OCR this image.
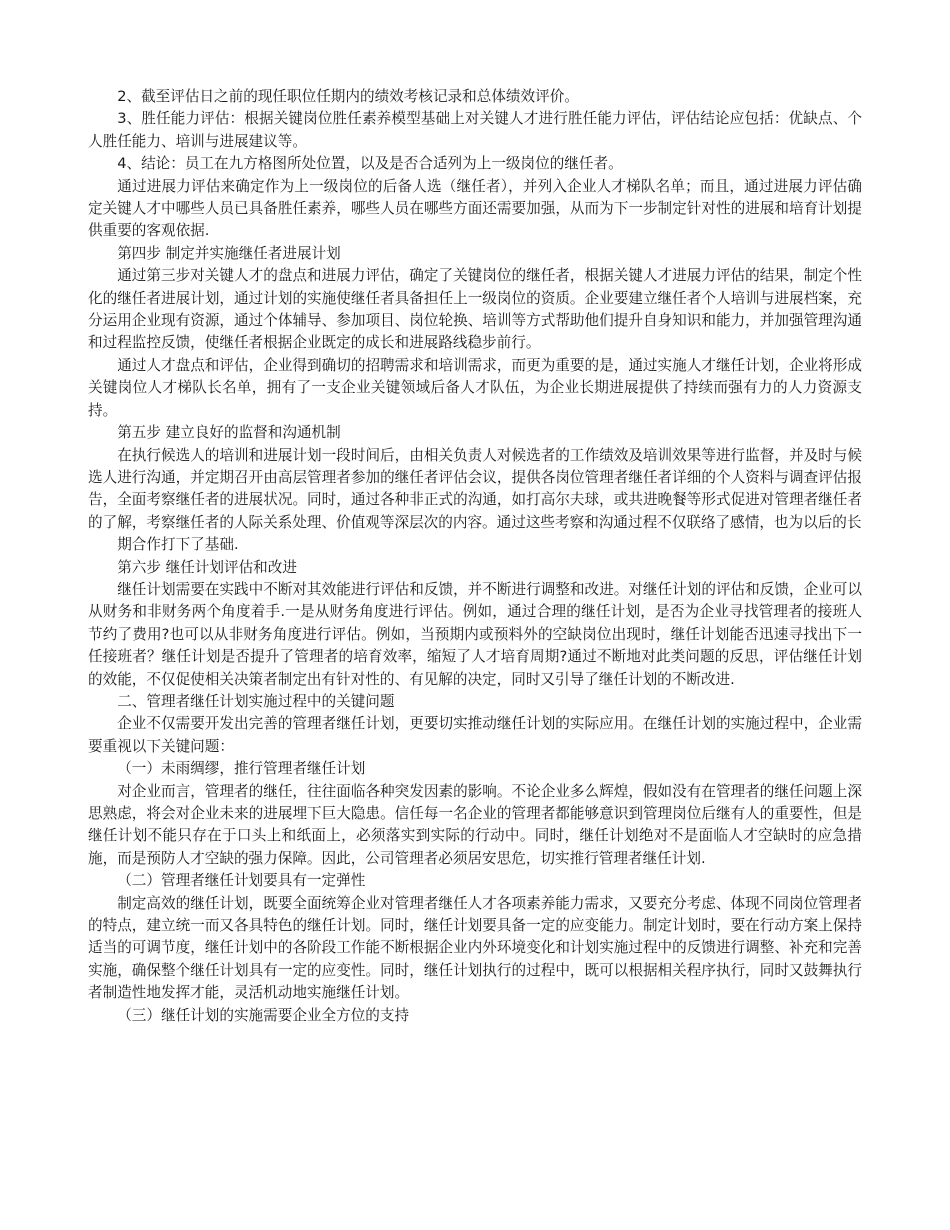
2、截至评估日之前的现任职位任期内的绩效考核记录和总体绩效评价。

3、胜任能力评估：根据关键岗位胜任素养模型基础上对关键人才进行胜任能力评估，评估结论应包括：优缺点、个人胜任能力、培训与进展建议等。

4、结论：员工在九方格图所处位置，以及是否合适列为上一级岗位的继任者。

通过进展力评估来确定作为上一级岗位的后备人选（继任者），并列入企业人才梯队名单；而且，通过进展力评估确定关键人才中哪些人员已具备胜任素养，哪些人员在哪些方面还需要加强，从而为下一步制定针对性的进展和培育计划提供重要的客观依据.

第四步 制定并实施继任者进展计划

通过第三步对关键人才的盘点和进展力评估，确定了关键岗位的继任者，根据关键人才进展力评估的结果，制定个性化的继任者进展计划，通过计划的实施使继任者具备担任上一级岗位的资质。企业要建立继任者个人培训与进展档案，充分运用企业现有资源，通过个体辅导、参加项目、岗位轮换、培训等方式帮助他们提升自身知识和能力，并加强管理沟通和过程监控反馈，使继任者根据企业既定的成长和进展路线稳步前行。

通过人才盘点和评估，企业得到确切的招聘需求和培训需求，而更为重要的是，通过实施人才继任计划，企业将形成关键岗位人才梯队长名单，拥有了一支企业关键领域后备人才队伍，为企业长期进展提供了持续而强有力的人力资源支持。

第五步 建立良好的监督和沟通机制

在执行候选人的培训和进展计划一段时间后，由相关负责人对候选者的工作绩效及培训效果等进行监督，并及时与候选人进行沟通，并定期召开由高层管理者参加的继任者评估会议，提供各岗位管理者继任者详细的个人资料与调查评估报告，全面考察继任者的进展状况。同时，通过各种非正式的沟通，如打高尔夫球，或共进晚餐等形式促进对管理者继任者的了解，考察继任者的人际关系处理、价值观等深层次的内容。通过这些考察和沟通过程不仅联络了感情，也为以后的长

期合作打下了基础.

第六步 继任计划评估和改进

继任计划需要在实践中不断对其效能进行评估和反馈，并不断进行调整和改进。对继任计划的评估和反馈，企业可以从财务和非财务两个角度着手.一是从财务角度进行评估。例如，通过合理的继任计划，是否为企业寻找管理者的接班人节约了费用?也可以从非财务角度进行评估。例如，当预期内或预料外的空缺岗位出现时，继任计划能否迅速寻找出下一任接班者？继任计划是否提升了管理者的培育效率，缩短了人才培育周期?通过不断地对此类问题的反思，评估继任计划的效能，不仅促使相关决策者制定出有针对性的、有见解的决定，同时又引导了继任计划的不断改进.

二、管理者继任计划实施过程中的关键问题

企业不仅需要开发出完善的管理者继任计划，更要切实推动继任计划的实际应用。在继任计划的实施过程中，企业需要重视以下关键问题：

（一）未雨绸缪，推行管理者继任计划

对企业而言，管理者的继任，往往面临各种突发因素的影响。不论企业多么辉煌，假如没有在管理者的继任问题上深思熟虑，将会对企业未来的进展埋下巨大隐患。信任每一名企业的管理者都能够意识到管理岗位后继有人的重要性，但是继任计划不能只存在于口头上和纸面上，必须落实到实际的行动中。同时，继任计划绝对不是面临人才空缺时的应急措施，而是预防人才空缺的强力保障。因此，公司管理者必须居安思危，切实推行管理者继任计划.

（二）管理者继任计划要具有一定弹性

制定高效的继任计划，既要全面统筹企业对管理者继任人才各项素养能力需求，又要充分考虑、体现不同岗位管理者的特点，建立统一而又各具特色的继任计划。同时，继任计划要具备一定的应变能力。制定计划时，要在行动方案上保持适当的可调节度，继任计划中的各阶段工作能不断根据企业内外环境变化和计划实施过程中的反馈进行调整、补充和完善实施，确保整个继任计划具有一定的应变性。同时，继任计划执行的过程中，既可以根据相关程序执行，同时又鼓舞执行者制造性地发挥才能，灵活机动地实施继任计划。

（三）继任计划的实施需要企业全方位的支持
